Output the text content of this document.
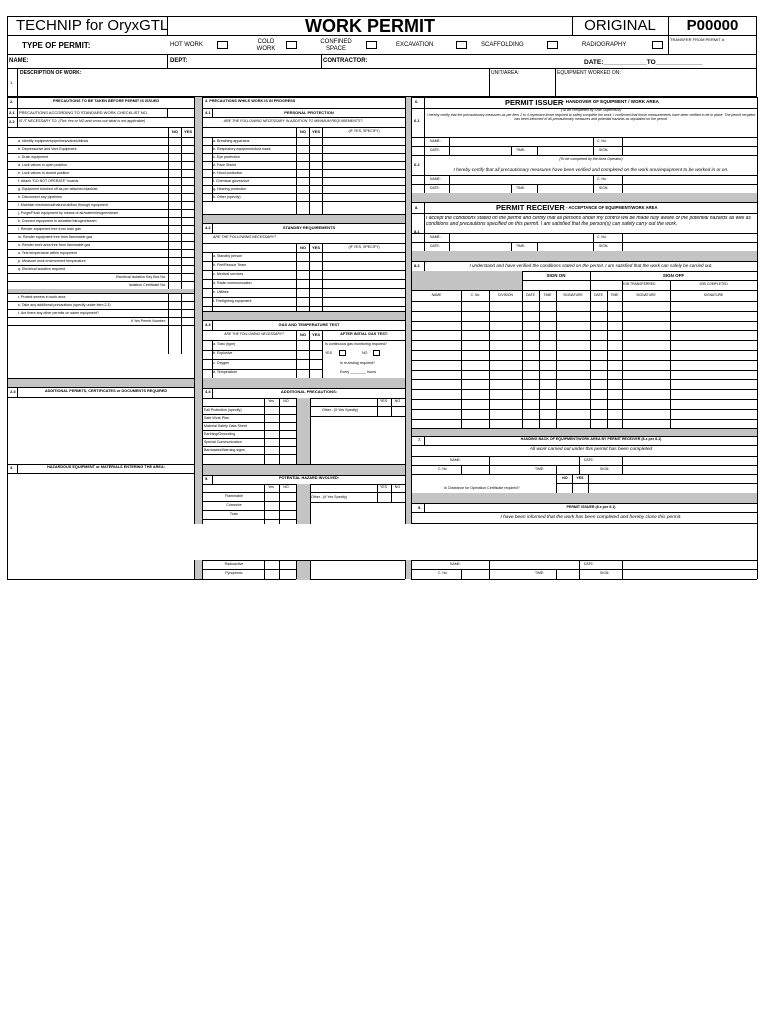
TECHNIP for OryxGTL	WORK PERMIT	ORIGINAL	P00000
TYPE OF PERMIT:
TRANSFER FROM PERMIT #:
NAME:	DEPT:	CONTRACTOR:	DATE:____________TO_____________
1.
DESCRIPTION OF WORK:	UNIT/AREA:	EQUIPMENT WORKED ON:
HOT WORK	COLD
WORK
CONFINED
SPACE
EXCAVATION	SCAFFOLDING	RADIOGRAPHY
2.	PRECAUTIONS TO BE TAKEN BEFORE PERMIT IS ISSUED
2.1 PRECAUTIONS ACCORDING TO STANDARD WORK CHECKLIST NO.
2.2 IS IT NECESSARY TO: (Tick Yes or NO and cross out what is not applicable)
NO	YES
a. Identify equipment/pipelines/valves/blinds
b. Depressurise and Vent Equipment
c. Drain equipment
d. Lock valves in open position
e. Lock valves in closed position
f. Attach "DO NOT OPERATE" boards
g. Equipment blanked off as per attached blanklist
h. Disconnect any pipelines
i. Maintain mechanical/natural airflow through equipment
j. Purge/Flush equipment by means of air/water/nitrogen/steam
k. Connect equipment to air/water/nitrogen/steam
l. Render equipment free from toxic gas
m. Render equipment free from flammable gas
n. Render work area free from flammable gas
o. Test temperature within equipment
p. Measure work environment temperature
q. Electrical isolation required
Electrical Isolation Key Box No:
Isolation Certificate No:
r. Protect sewers in work area
s. Take any additional precautions (specify under item 2.3)
t. Are there any other permits on same equipment?
If Yes Permit Number:
2.3	ADDITIONAL PERMITS, CERTIFICATES or DOCUMENTS REQUIRED
3.	HAZARDOUS EQUIPMENT or MATERIALS ENTERING THE AREA:
4. PRECAUTIONS WHILE WORK IS IN PROGRESS
4.1	PERSONAL PROTECTION
ARE THE FOLLOWING NECESSARY IN ADDITION TO MINIMUM REQUIREMENTS?
NO	YES	(IF YES, SPECIFY)
a. Breathing apparatus
b. Respiratory equipment/dust mask
c. Eye protection
d. Face Shield
e. Hood protection
f. Chemical gloves/suit
g. Hearing protection
h. Other (specify)
4.2	STANDBY REQUIREMENTS
ARE THE FOLLOWING NECESSARY?
NO	YES	(IF YES, SPECIFY)
a. Standby person
b. Fire/Rescue Team
c. Medical services
d. Radio communication
e. Utilities
f. Firefighting equipment
4.3	GAS AND TEMPERATURE TEST
ARE THE FOLLOWING NECESSARY?	NO	YES	AFTER INITIAL GAS TEST:
a. Toxic (type)
b. Explosive
c. Oxygen
d. Temperature
Is continuous gas monitoring required?
YES	NO
Is re-testing required?
Every ________ hours
4.4	ADDITIONAL PRECAUTIONS:
Yes	NO	YES	NO
Other - (If Yes Specify)
Fall Protection (specify)
Safe Work Plan
Material Safety Data Sheet
Earthing/Grounding
Special Communication
Barricades/Warning signs
5.	POTENTIAL HAZARD INVOLVED:
Yes	NO	YES	NO
Other - (If Yes Specify)
Flammable
Corrosive
Toxic
Radioactive
Pyrophoric
6.	PERMIT ISSUER - HANDOVER OF EQUIPMENT / WORK AREA
(To be completed by Shift Supervisor)
6.1
I hereby certify that the precautionary measures as per item 2 to 4 represent those required to safely complete the work. I confirmed that those measurements have been verified to be in place. The permit recipient has been informed of all precautionary measures and potential hazards as stipulated on the permit.
NAME:	C. No:
DATE:	TIME:	SIGN:
(To be completed by the Area Operator)
6.2
I hereby certify that all precautionary measures have been verified and completed on the work area/equipment to be worked in or on.
NAME:	C. No:
DATE:	TIME:	SIGN:
8.	PERMIT RECEIVER - ACCEPTANCE OF EQUIPMENT/WORK AREA
8.1
I accept the conditions stated on the permit and certify that all persons under my control will be made fully aware of the potential hazards as well as conditions and precautions specified on this permit. I am satisfied that the person(s) can safely carry out the work.
NAME:	C. No:
DATE:	TIME:	SIGN:
8.2	I understand and have verified the conditions stated on the permit. I am satisfied that the work can safely be carried out.
SIGN ON	SIGN OFF
JOB TRANSFERRED	JOB COMPLETED
NAME	C. No	DIVISION	DATE	TIME	SIGNATURE	DATE	TIME	SIGNATURE	SIGNATURE
7.	HANDING BACK OF EQUIPMENT/WORK AREA BY PERMIT RECEIVER (8.x per 8.1)
All work carried out under this permit has been completed
NAME:	DATE:
C. No	TIME:	SIGN:
NO	YES
Is Clearance for Operation Certificate required?
9.	PERMIT ISSUER (8.x per 9.1)
I have been informed that the work has been completed and hereby close this permit.
NAME:	DATE:
C. No:	TIME:	SIGN:
